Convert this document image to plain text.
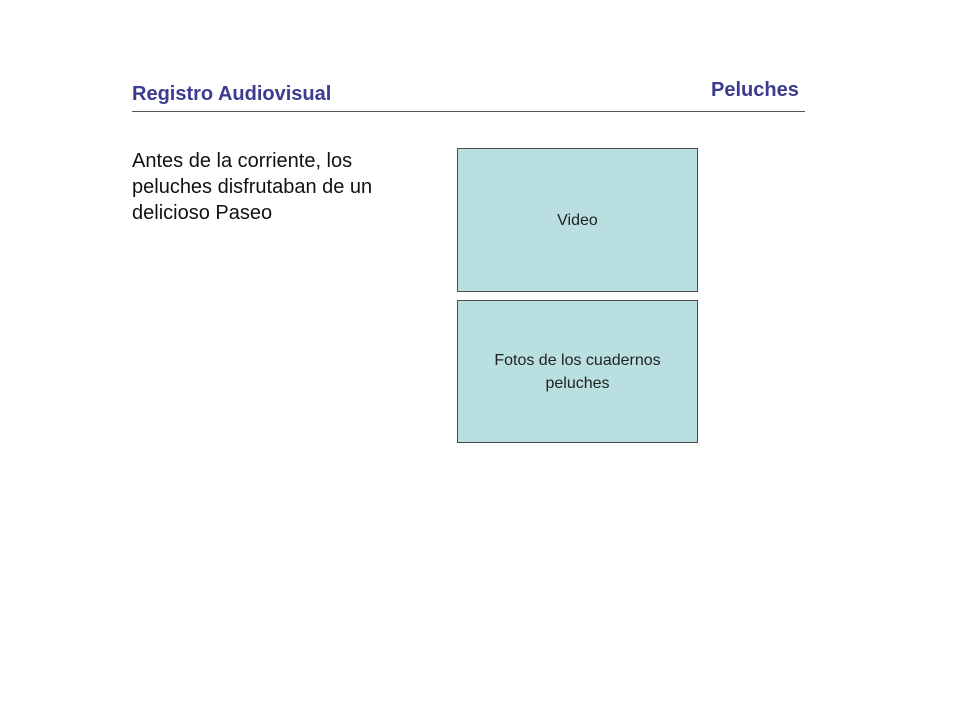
Registro Audiovisual	Peluches
Antes de la corriente, los peluches disfrutaban de un delicioso Paseo	Video
Fotos de los cuadernos peluches
